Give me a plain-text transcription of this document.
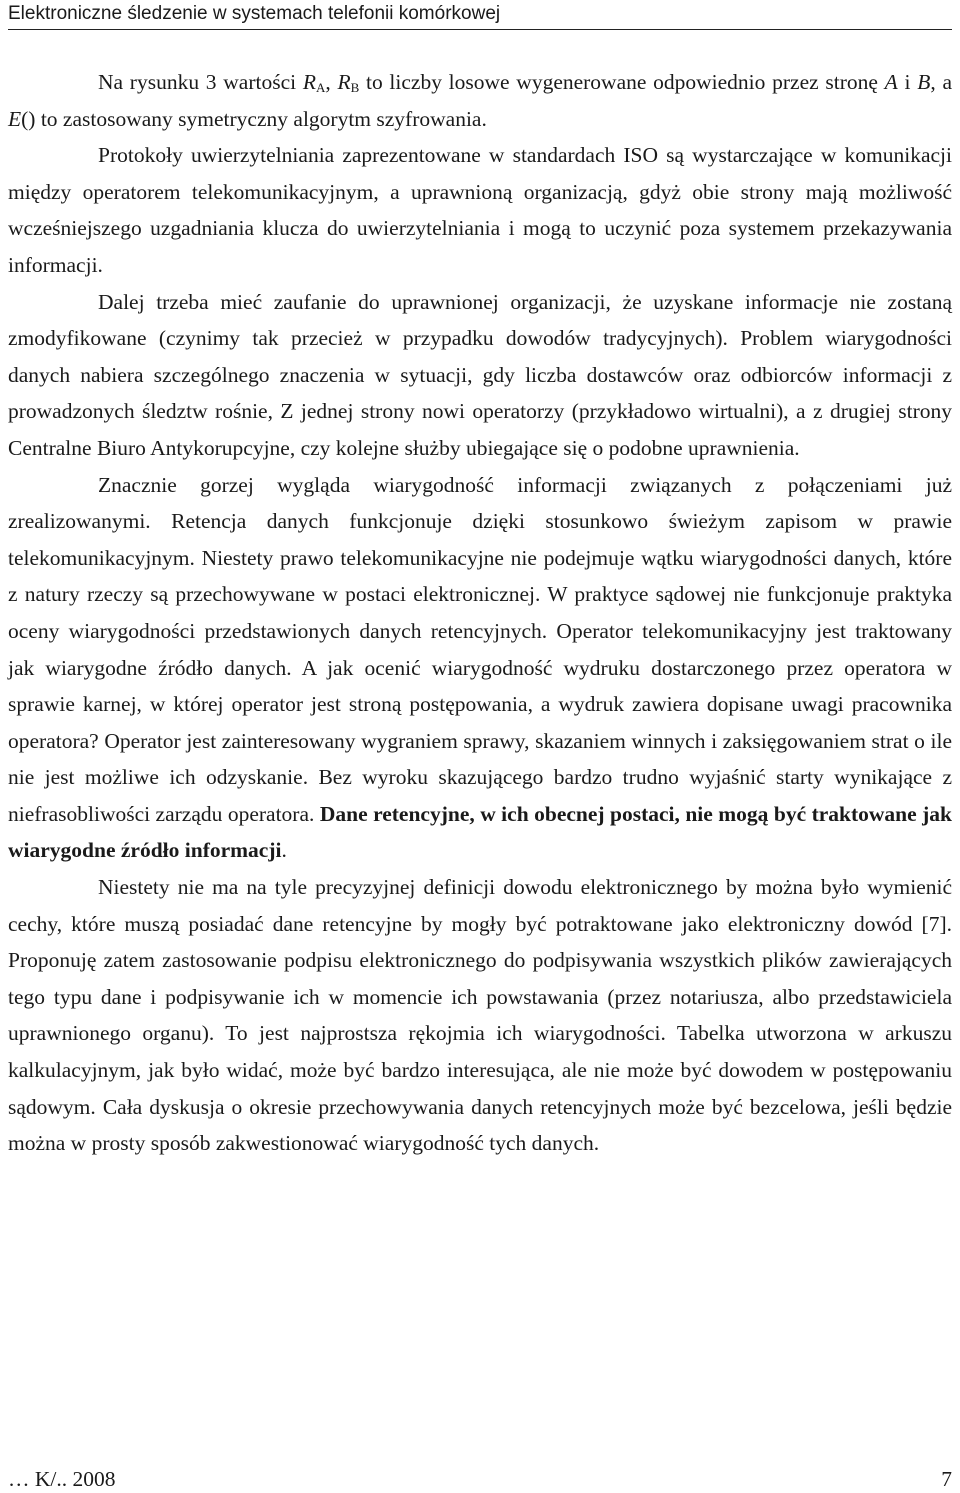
Elektroniczne śledzenie w systemach telefonii komórkowej

Na rysunku 3 wartości $R_A$, $R_B$ to liczby losowe wygenerowane odpowiednio przez stronę A i B, a E() to zastosowany symetryczny algorytm szyfrowania.

Protokoły uwierzytelniania zaprezentowane w standardach ISO są wystarczające w komunikacji między operatorem telekomunikacyjnym, a uprawnioną organizacją, gdyż obie strony mają możliwość wcześniejszego uzgadniania klucza do uwierzytelniania i mogą to uczynić poza systemem przekazywania informacji.

Dalej trzeba mieć zaufanie do uprawnionej organizacji, że uzyskane informacje nie zostaną zmodyfikowane (czynimy tak przecież w przypadku dowodów tradycyjnych). Problem wiarygodności danych nabiera szczególnego znaczenia w sytuacji, gdy liczba dostawców oraz odbiorców informacji z prowadzonych śledztw rośnie, Z jednej strony nowi operatorzy (przykładowo wirtualni), a z drugiej strony Centralne Biuro Antykorupcyjne, czy kolejne służby ubiegające się o podobne uprawnienia.

Znacznie gorzej wygląda wiarygodność informacji związanych z połączeniami już zrealizowanymi. Retencja danych funkcjonuje dzięki stosunkowo świeżym zapisom w prawie telekomunikacyjnym. Niestety prawo telekomunikacyjne nie podejmuje wątku wiarygodności danych, które z natury rzeczy są przechowywane w postaci elektronicznej. W praktyce sądowej nie funkcjonuje praktyka oceny wiarygodności przedstawionych danych retencyjnych. Operator telekomunikacyjny jest traktowany jak wiarygodne źródło danych. A jak ocenić wiarygodność wydruku dostarczonego przez operatora w sprawie karnej, w której operator jest stroną postępowania, a wydruk zawiera dopisane uwagi pracownika operatora? Operator jest zainteresowany wygraniem sprawy, skazaniem winnych i zaksięgowaniem strat o ile nie jest możliwe ich odzyskanie. Bez wyroku skazującego bardzo trudno wyjaśnić starty wynikające z niefrasobliwości zarządu operatora. Dane retencyjne, w ich obecnej postaci, nie mogą być traktowane jak wiarygodne źródło informacji.

Niestety nie ma na tyle precyzyjnej definicji dowodu elektronicznego by można było wymienić cechy, które muszą posiadać dane retencyjne by mogły być potraktowane jako elektroniczny dowód [7]. Proponuję zatem zastosowanie podpisu elektronicznego do podpisywania wszystkich plików zawierających tego typu dane i podpisywanie ich w momencie ich powstawania (przez notariusza, albo przedstawiciela uprawnionego organu). To jest najprostsza rękojmia ich wiarygodności. Tabelka utworzona w arkuszu kalkulacyjnym, jak było widać, może być bardzo interesująca, ale nie może być dowodem w postępowaniu sądowym. Cała dyskusja o okresie przechowywania danych retencyjnych może być bezcelowa, jeśli będzie można w prosty sposób zakwestionować wiarygodność tych danych.

… K/.. 2008	7
